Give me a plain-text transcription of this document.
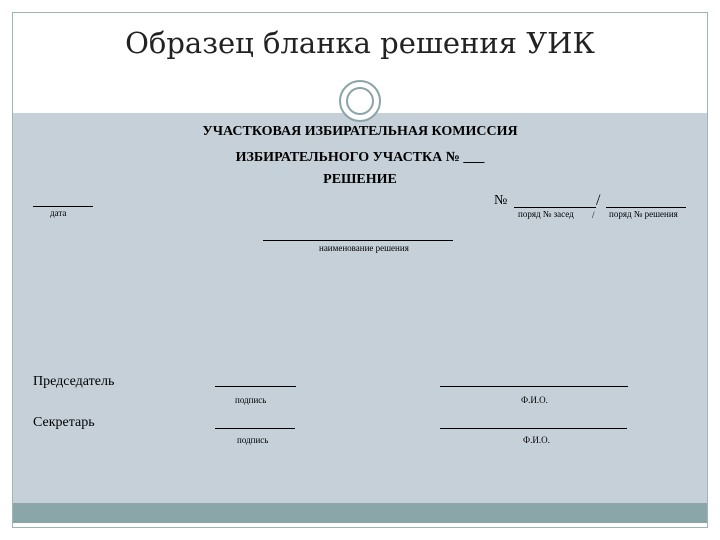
Образец бланка решения УИК
УЧАСТКОВАЯ ИЗБИРАТЕЛЬНАЯ КОМИССИЯ
ИЗБИРАТЕЛЬНОГО УЧАСТКА № ___
РЕШЕНИЕ
дата
№	/
поряд № засед / поряд № решения
наименование решения
Председатель
подпись	Ф.И.О.
Секретарь
подпись	Ф.И.О.
